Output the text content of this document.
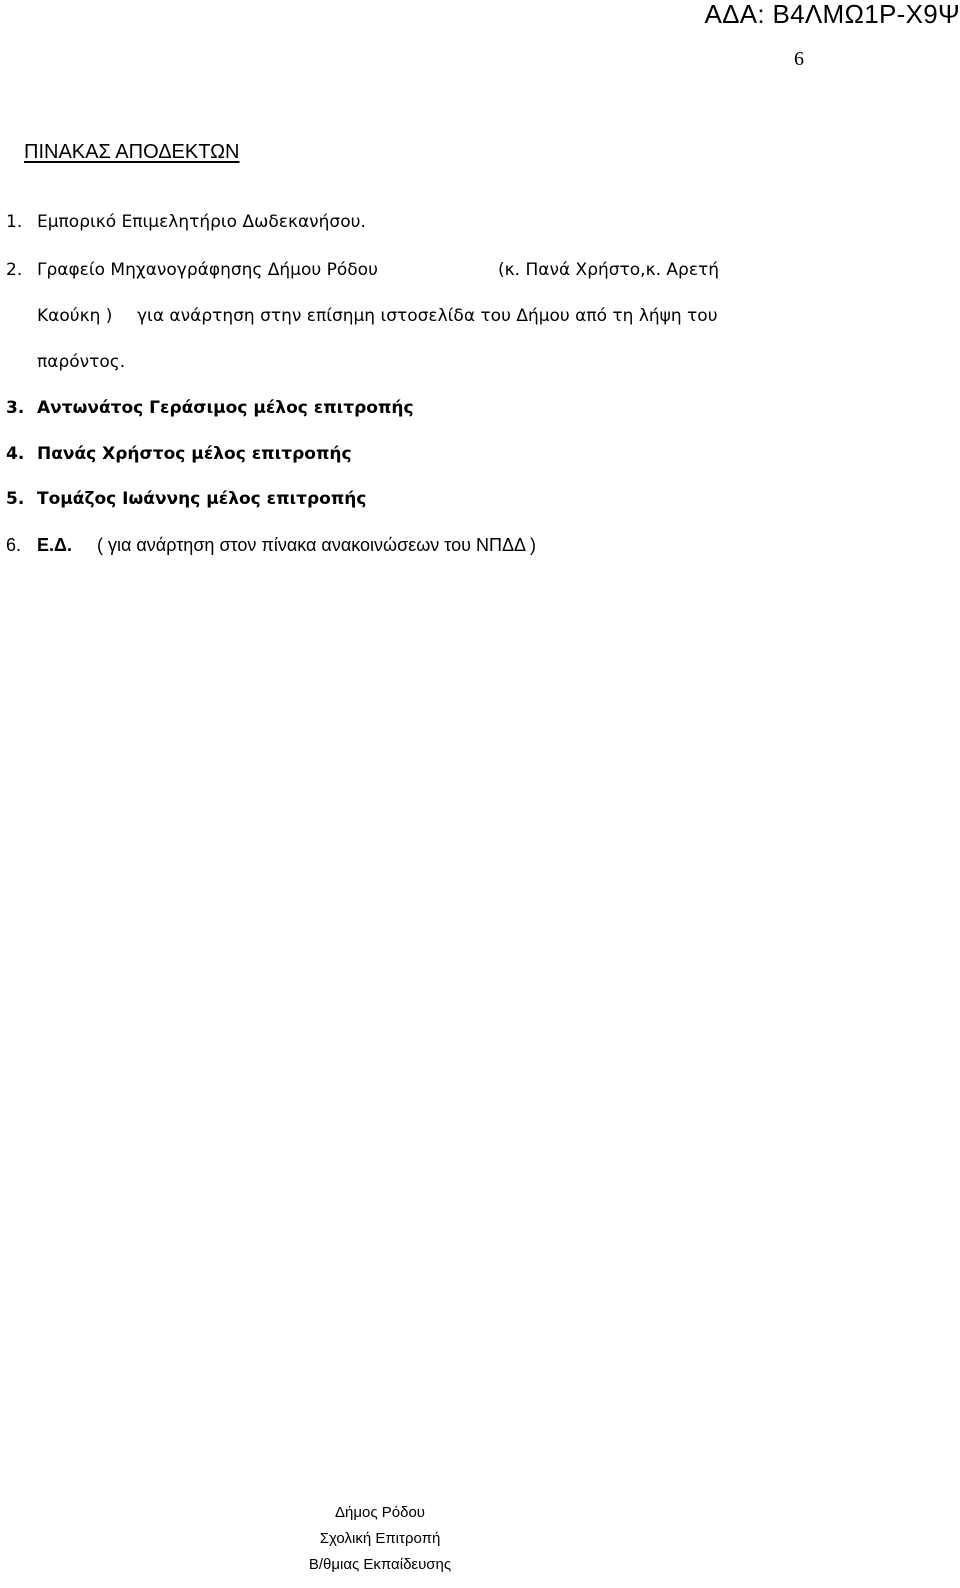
ΑΔΑ: Β4ΛΜΩ1Ρ-Χ9Ψ
6
ΠΙΝΑΚΑΣ ΑΠΟΔΕΚΤΩΝ
1. Εμπορικό Επιμελητήριο Δωδεκανήσου.
2. Γραφείο Μηχανογράφησης Δήμου Ρόδου	(κ. Πανά Χρήστο,κ. Αρετή
Καούκη ) για ανάρτηση στην επίσημη ιστοσελίδα του Δήμου από τη λήψη του
παρόντος.
3. Αντωνάτος Γεράσιμος μέλος επιτροπής
4. Πανάς Χρήστος μέλος επιτροπής
5. Τομάζος Ιωάννης μέλος επιτροπής
6. Ε.Δ. ( για ανάρτηση στον πίνακα ανακοινώσεων του ΝΠΔΔ )
Δήμος Ρόδου
Σχολική Επιτροπή
Β/θμιας Εκπαίδευσης
